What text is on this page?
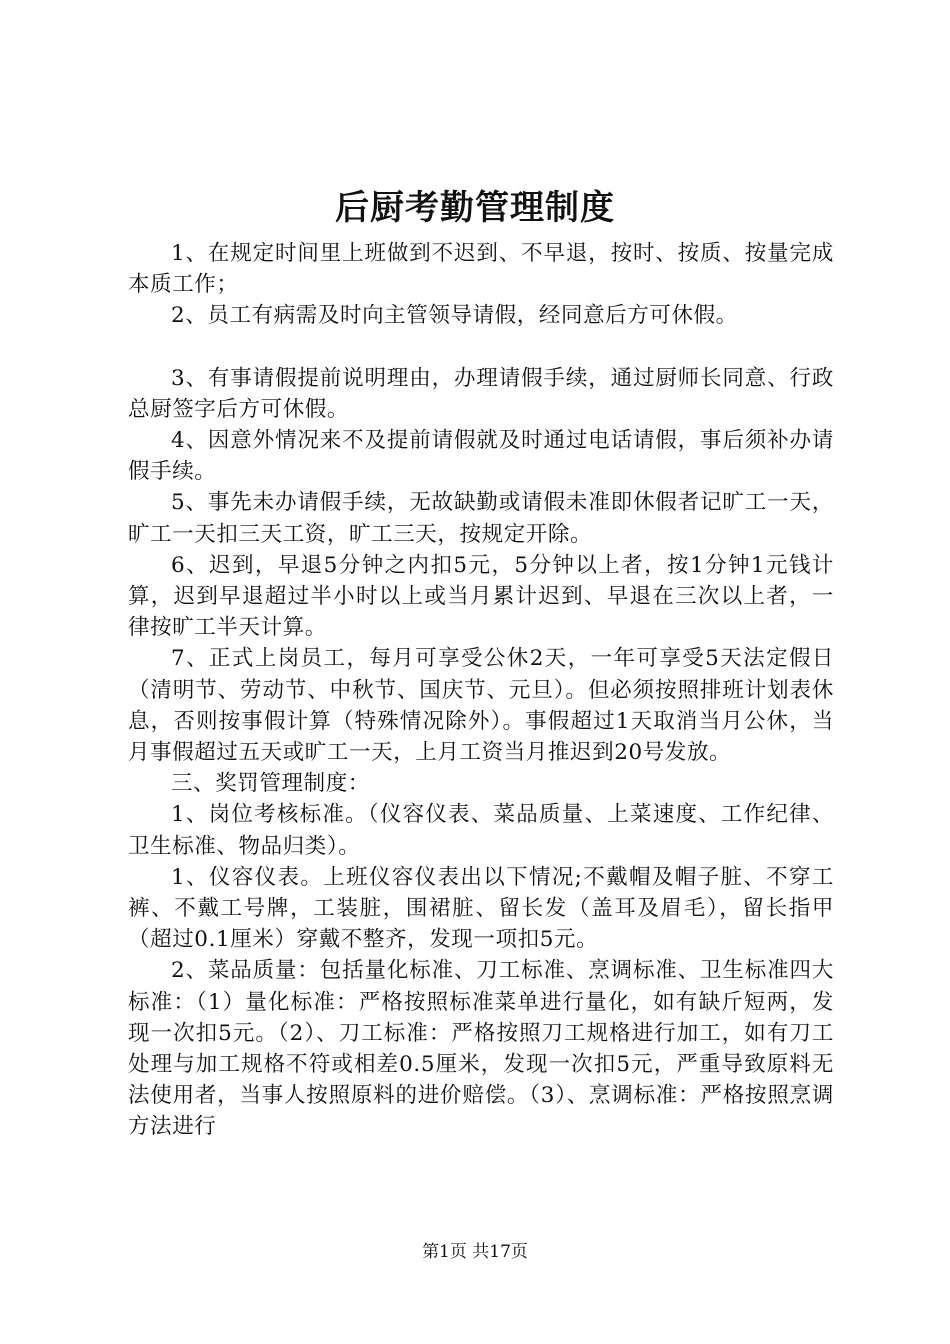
后厨考勤管理制度

1、在规定时间里上班做到不迟到、不早退，按时、按质、按量完成本质工作；

2、员工有病需及时向主管领导请假，经同意后方可休假。

3、有事请假提前说明理由，办理请假手续，通过厨师长同意、行政总厨签字后方可休假。

4、因意外情况来不及提前请假就及时通过电话请假，事后须补办请假手续。

5、事先未办请假手续，无故缺勤或请假未准即休假者记旷工一天，旷工一天扣三天工资，旷工三天，按规定开除。

6、迟到，早退5分钟之内扣5元，5分钟以上者，按1分钟1元钱计算，迟到早退超过半小时以上或当月累计迟到、早退在三次以上者，一律按旷工半天计算。

7、正式上岗员工，每月可享受公休2天，一年可享受5天法定假日（清明节、劳动节、中秋节、国庆节、元旦）。但必须按照排班计划表休息，否则按事假计算（特殊情况除外）。事假超过1天取消当月公休，当月事假超过五天或旷工一天，上月工资当月推迟到20号发放。

三、奖罚管理制度：

1、岗位考核标准。（仪容仪表、菜品质量、上菜速度、工作纪律、卫生标准、物品归类）。

1、仪容仪表。上班仪容仪表出以下情况;不戴帽及帽子脏、不穿工裤、不戴工号牌，工装脏，围裙脏、留长发（盖耳及眉毛），留长指甲（超过0.1厘米）穿戴不整齐，发现一项扣5元。

2、菜品质量：包括量化标准、刀工标准、烹调标准、卫生标准四大标准：（1）量化标准：严格按照标准菜单进行量化，如有缺斤短两，发现一次扣5元。（2）、刀工标准：严格按照刀工规格进行加工，如有刀工处理与加工规格不符或相差0.5厘米，发现一次扣5元，严重导致原料无法使用者，当事人按照原料的进价赔偿。（3）、烹调标准：严格按照烹调方法进行

第1页 共17页
